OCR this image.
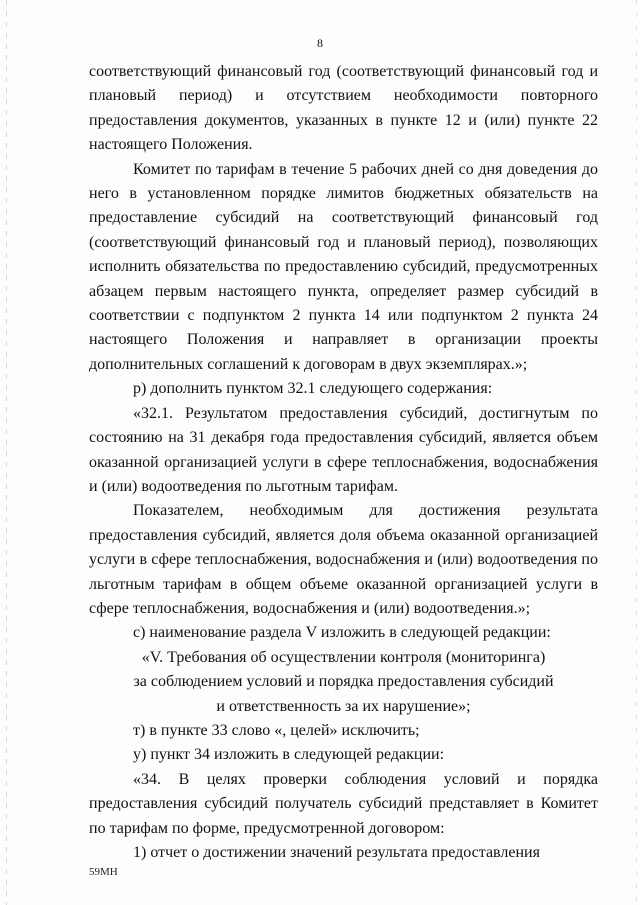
8

соответствующий финансовый год (соответствующий финансовый год и плановый период) и отсутствием необходимости повторного предоставления документов, указанных в пункте 12 и (или) пункте 22 настоящего Положения.

Комитет по тарифам в течение 5 рабочих дней со дня доведения до него в установленном порядке лимитов бюджетных обязательств на предоставление субсидий на соответствующий финансовый год (соответствующий финансовый год и плановый период), позволяющих исполнить обязательства по предоставлению субсидий, предусмотренных абзацем первым настоящего пункта, определяет размер субсидий в соответствии с подпунктом 2 пункта 14 или подпунктом 2 пункта 24 настоящего Положения и направляет в организации проекты дополнительных соглашений к договорам в двух экземплярах.»;

р) дополнить пунктом 32.1 следующего содержания:

«32.1. Результатом предоставления субсидий, достигнутым по состоянию на 31 декабря года предоставления субсидий, является объем оказанной организацией услуги в сфере теплоснабжения, водоснабжения и (или) водоотведения по льготным тарифам.

Показателем, необходимым для достижения результата предоставления субсидий, является доля объема оказанной организацией услуги в сфере теплоснабжения, водоснабжения и (или) водоотведения по льготным тарифам в общем объеме оказанной организацией услуги в сфере теплоснабжения, водоснабжения и (или) водоотведения.»;

с) наименование раздела V изложить в следующей редакции:

«V. Требования об осуществлении контроля (мониторинга)

за соблюдением условий и порядка предоставления субсидий

и ответственность за их нарушение»;

т) в пункте 33 слово «, целей» исключить;

у) пункт 34 изложить в следующей редакции:

«34. В целях проверки соблюдения условий и порядка предоставления субсидий получатель субсидий представляет в Комитет по тарифам по форме, предусмотренной договором:

1) отчет о достижении значений результата предоставления

59МН
